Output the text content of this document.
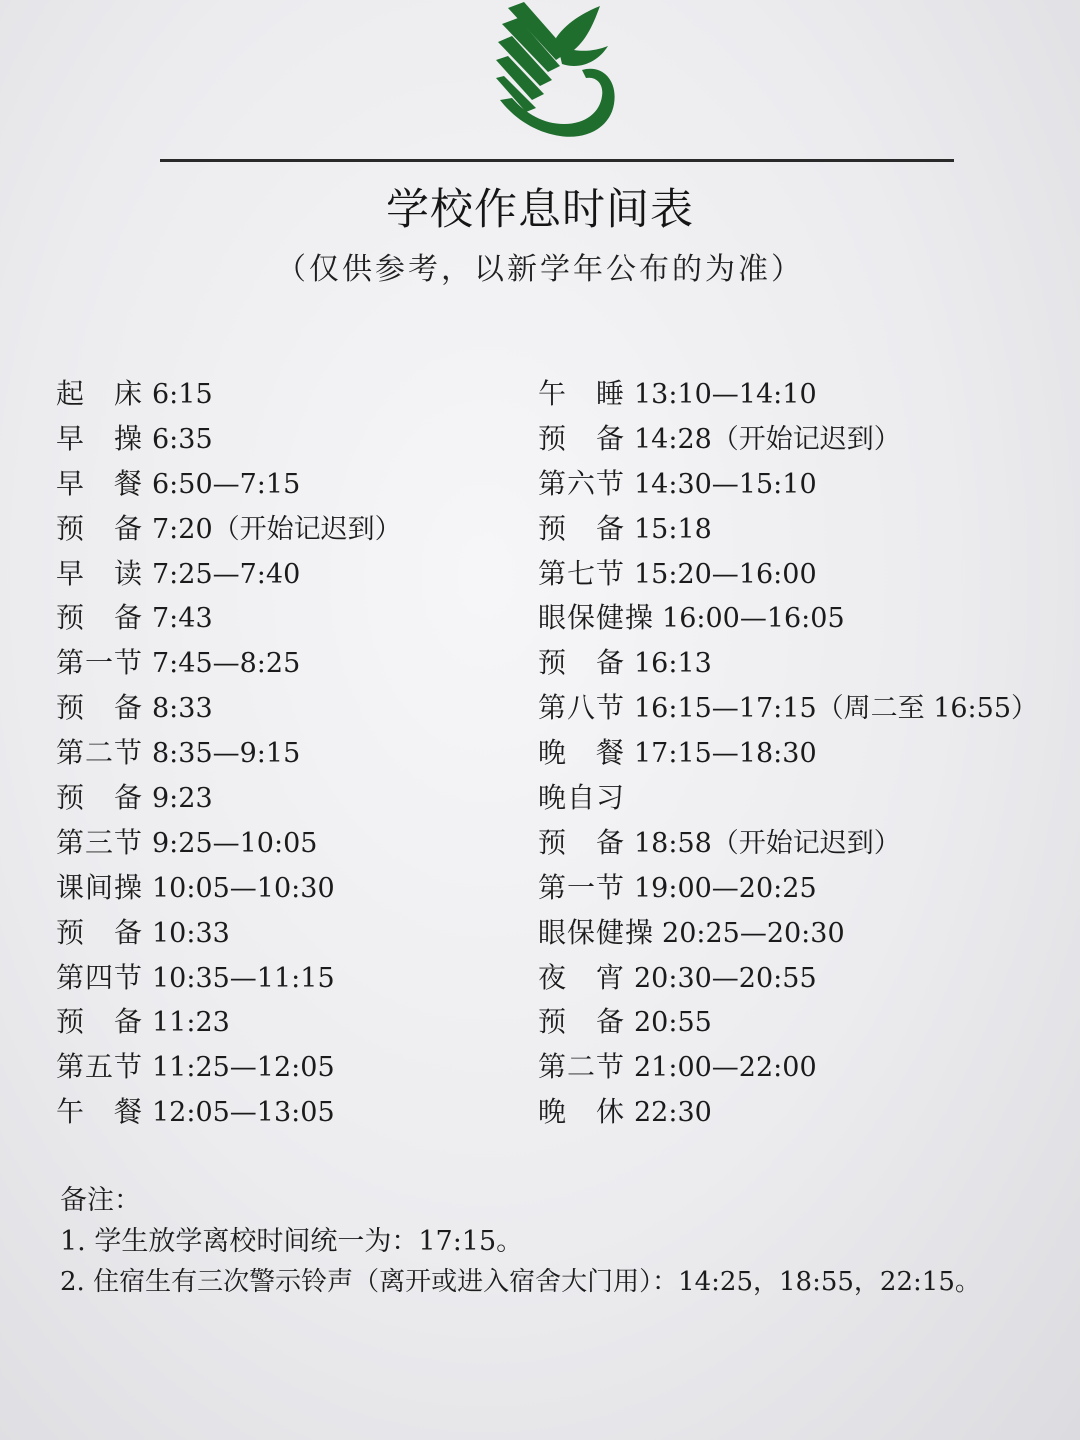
学校作息时间表
（仅供参考，以新学年公布的为准）
起　床 6:15
早　操 6:35
早　餐 6:50—7:15
预　备 7:20（开始记迟到）
早　读 7:25—7:40
预　备 7:43
第一节 7:45—8:25
预　备 8:33
第二节 8:35—9:15
预　备 9:23
第三节 9:25—10:05
课间操 10:05—10:30
预　备 10:33
第四节 10:35—11:15
预　备 11:23
第五节 11:25—12:05
午　餐 12:05—13:05
午　睡 13:10—14:10
预　备 14:28（开始记迟到）
第六节 14:30—15:10
预　备 15:18
第七节 15:20—16:00
眼保健操 16:00—16:05
预　备 16:13
第八节 16:15—17:15（周二至 16:55）
晚　餐 17:15—18:30
晚自习
预　备 18:58（开始记迟到）
第一节 19:00—20:25
眼保健操 20:25—20:30
夜　宵 20:30—20:55
预　备 20:55
第二节 21:00—22:00
晚　休 22:30
备注：
1. 学生放学离校时间统一为：17:15。
2. 住宿生有三次警示铃声（离开或进入宿舍大门用）：14:25，18:55，22:15。
